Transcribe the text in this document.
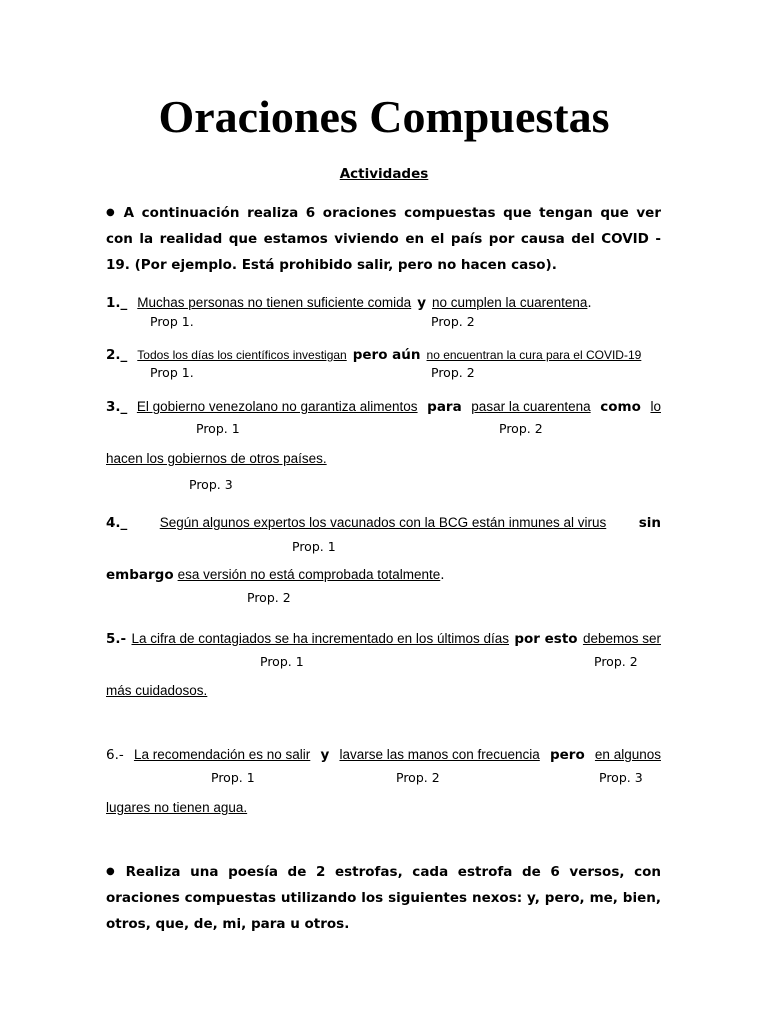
Oraciones Compuestas
Actividades
● A continuación realiza 6 oraciones compuestas que tengan que ver con la realidad que estamos viviendo en el país por causa del COVID - 19. (Por ejemplo. Está prohibido salir, pero no hacen caso).
1._ Muchas personas no tienen suficiente comida y no cumplen la cuarentena .
Prop 1.	Prop. 2
2._ Todos los días los científicos investigan pero aún no encuentran la cura para el COVID-19
Prop 1.	Prop. 2
3._ El gobierno venezolano no garantiza alimentos para pasar la cuarentena como lo
Prop. 1	Prop. 2
hacen los gobiernos de otros países.
Prop. 3
4._ Según algunos expertos los vacunados con la BCG están inmunes al virus sin
Prop. 1
embargo esa versión no está comprobada totalmente .
Prop. 2
5.- La cifra de contagiados se ha incrementado en los últimos días por esto debemos ser
Prop. 1	Prop. 2
más cuidadosos.
6.- La recomendación es no salir y lavarse las manos con frecuencia pero en algunos
Prop. 1	Prop. 2	Prop. 3
lugares no tienen agua.
● Realiza una poesía de 2 estrofas, cada estrofa de 6 versos, con oraciones compuestas utilizando los siguientes nexos: y, pero, me, bien, otros, que, de, mi, para u otros.
